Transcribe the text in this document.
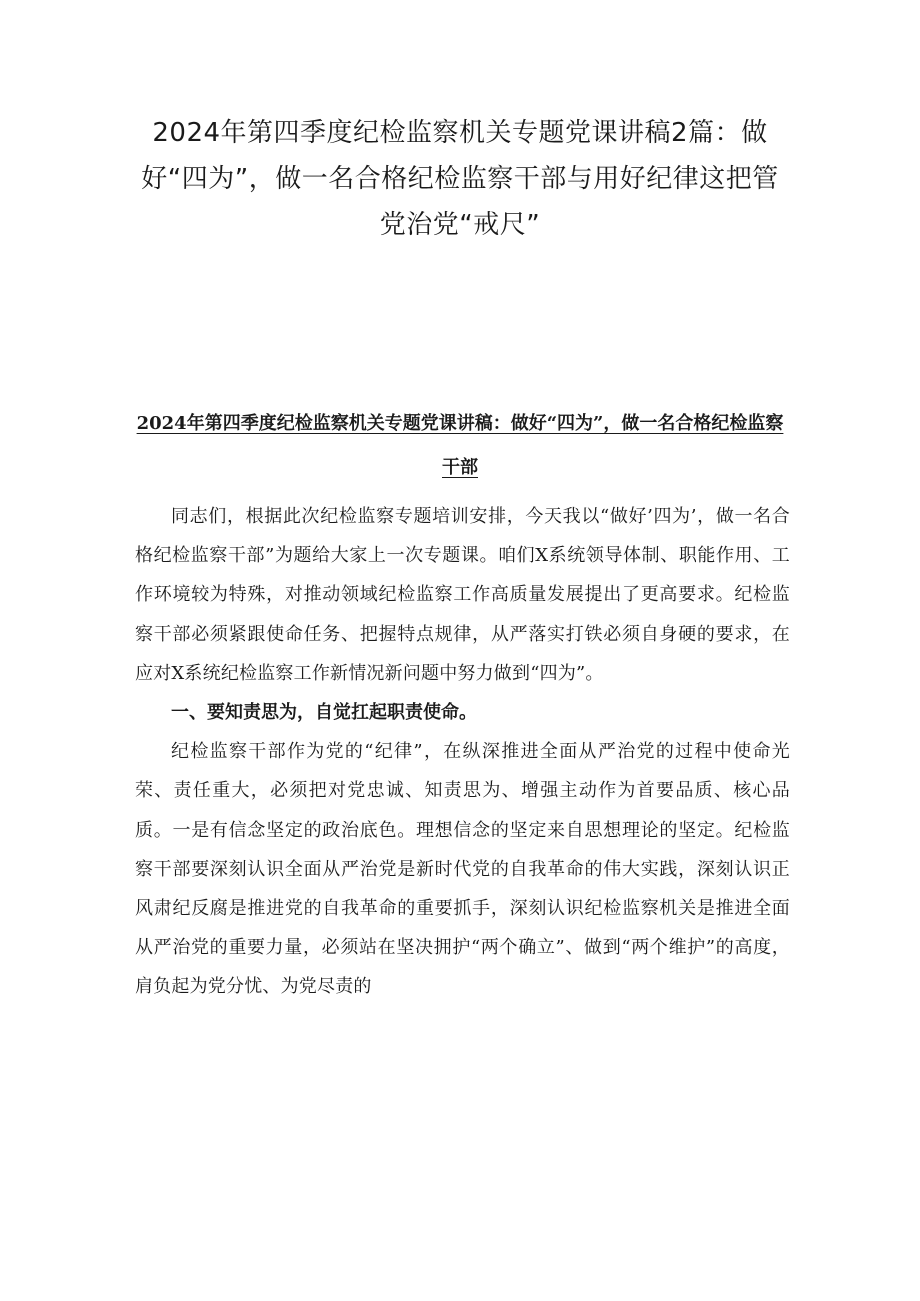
2024年第四季度纪检监察机关专题党课讲稿2篇：做好“四为”，做一名合格纪检监察干部与用好纪律这把管党治党“戒尺”
2024年第四季度纪检监察机关专题党课讲稿：做好“四为”，做一名合格纪检监察干部

同志们，根据此次纪检监察专题培训安排，今天我以“做好’四为’，做一名合格纪检监察干部”为题给大家上一次专题课。咱们X系统领导体制、职能作用、工作环境较为特殊，对推动领域纪检监察工作高质量发展提出了更高要求。纪检监察干部必须紧跟使命任务、把握特点规律，从严落实打铁必须自身硬的要求，在应对X系统纪检监察工作新情况新问题中努力做到“四为”。

一、要知责思为，自觉扛起职责使命。

纪检监察干部作为党的“纪律”，在纵深推进全面从严治党的过程中使命光荣、责任重大，必须把对党忠诚、知责思为、增强主动作为首要品质、核心品质。一是有信念坚定的政治底色。理想信念的坚定来自思想理论的坚定。纪检监察干部要深刻认识全面从严治党是新时代党的自我革命的伟大实践，深刻认识正风肃纪反腐是推进党的自我革命的重要抓手，深刻认识纪检监察机关是推进全面从严治党的重要力量，必须站在坚决拥护“两个确立”、做到“两个维护”的高度，肩负起为党分忧、为党尽责的
